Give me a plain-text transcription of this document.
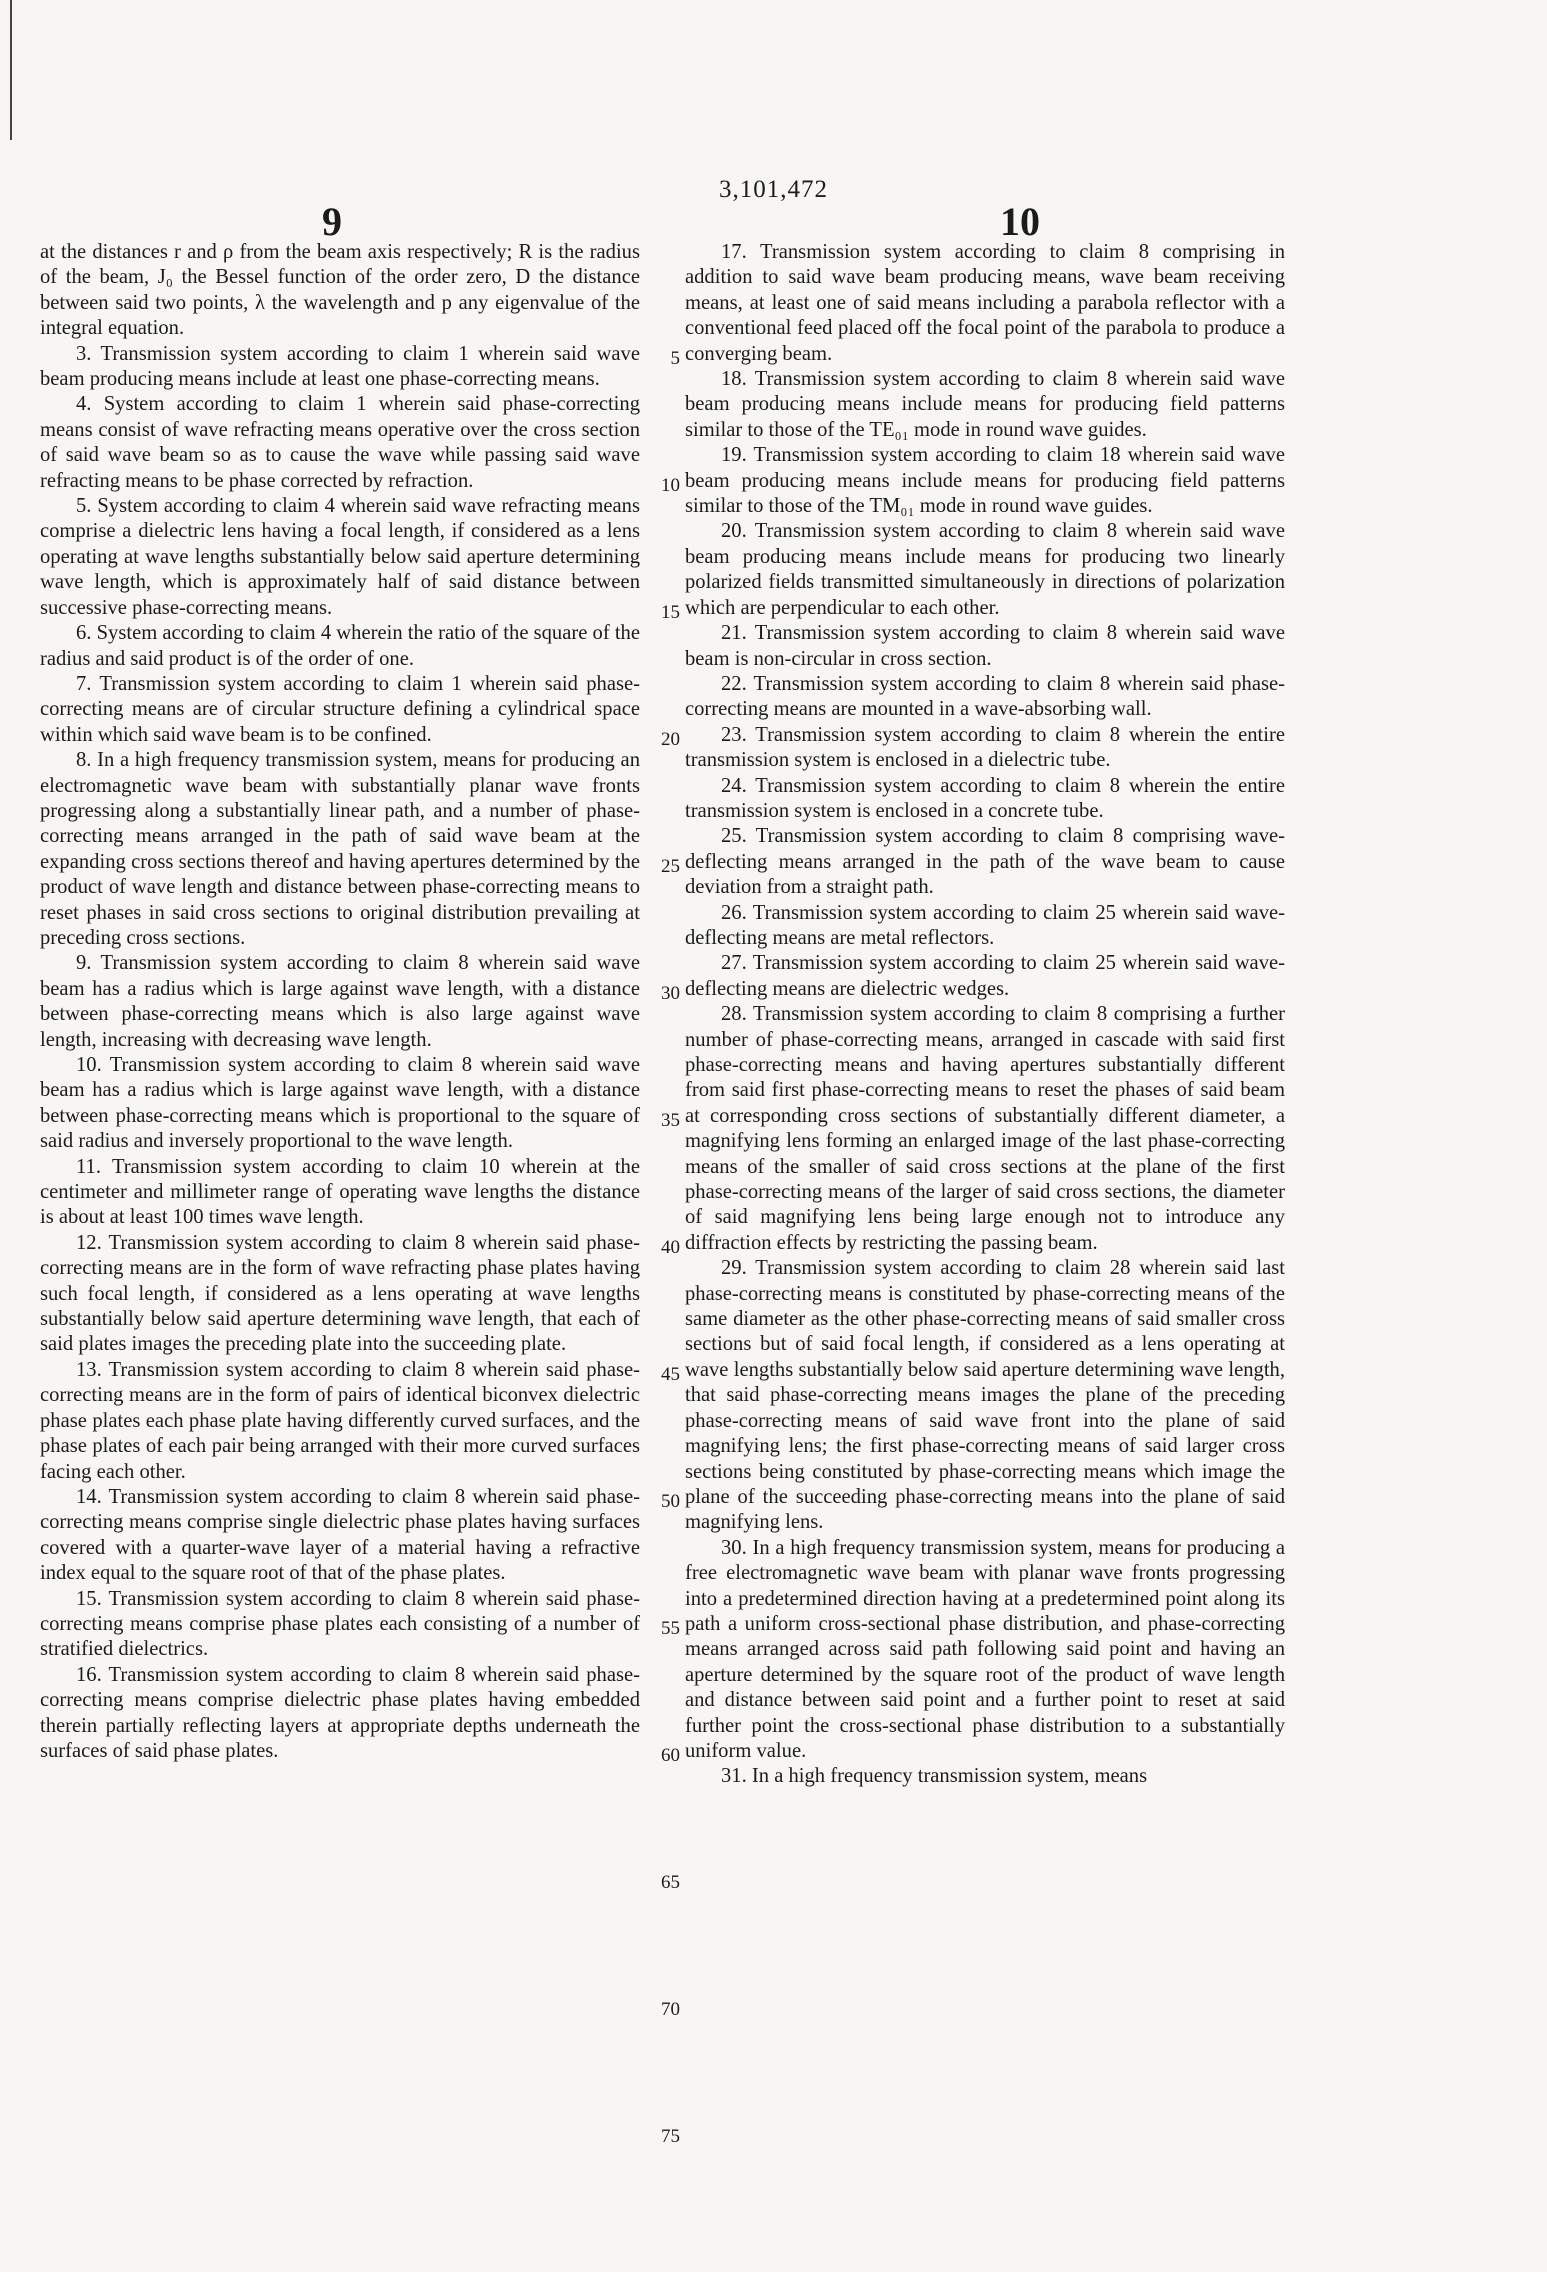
3,101,472
9	10

at the distances r and ρ from the beam axis respectively; R is the radius of the beam, J₀ the Bessel function of the order zero, D the distance between said two points, λ the wavelength and p any eigenvalue of the integral equation.

3. Transmission system according to claim 1 wherein said wave beam producing means include at least one phase-correcting means.

4. System according to claim 1 wherein said phase-correcting means consist of wave refracting means operative over the cross section of said wave beam so as to cause the wave while passing said wave refracting means to be phase corrected by refraction.

5. System according to claim 4 wherein said wave refracting means comprise a dielectric lens having a focal length, if considered as a lens operating at wave lengths substantially below said aperture determining wave length, which is approximately half of said distance between successive phase-correcting means.

6. System according to claim 4 wherein the ratio of the square of the radius and said product is of the order of one.

7. Transmission system according to claim 1 wherein said phase-correcting means are of circular structure defining a cylindrical space within which said wave beam is to be confined.

8. In a high frequency transmission system, means for producing an electromagnetic wave beam with substantially planar wave fronts progressing along a substantially linear path, and a number of phase-correcting means arranged in the path of said wave beam at the expanding cross sections thereof and having apertures determined by the product of wave length and distance between phase-correcting means to reset phases in said cross sections to original distribution prevailing at preceding cross sections.

9. Transmission system according to claim 8 wherein said wave beam has a radius which is large against wave length, with a distance between phase-correcting means which is also large against wave length, increasing with decreasing wave length.

10. Transmission system according to claim 8 wherein said wave beam has a radius which is large against wave length, with a distance between phase-correcting means which is proportional to the square of said radius and inversely proportional to the wave length.

11. Transmission system according to claim 10 wherein at the centimeter and millimeter range of operating wave lengths the distance is about at least 100 times wave length.

12. Transmission system according to claim 8 wherein said phase-correcting means are in the form of wave refracting phase plates having such focal length, if considered as a lens operating at wave lengths substantially below said aperture determining wave length, that each of said plates images the preceding plate into the succeeding plate.

13. Transmission system according to claim 8 wherein said phase-correcting means are in the form of pairs of identical biconvex dielectric phase plates each phase plate having differently curved surfaces, and the phase plates of each pair being arranged with their more curved surfaces facing each other.

14. Transmission system according to claim 8 wherein said phase-correcting means comprise single dielectric phase plates having surfaces covered with a quarter-wave layer of a material having a refractive index equal to the square root of that of the phase plates.

15. Transmission system according to claim 8 wherein said phase-correcting means comprise phase plates each consisting of a number of stratified dielectrics.

16. Transmission system according to claim 8 wherein said phase-correcting means comprise dielectric phase plates having embedded therein partially reflecting layers at appropriate depths underneath the surfaces of said phase plates.

5
10
15
20
25
30
35
40
45
50
55
60
65
70
75

17. Transmission system according to claim 8 comprising in addition to said wave beam producing means, wave beam receiving means, at least one of said means including a parabola reflector with a conventional feed placed off the focal point of the parabola to produce a converging beam.

18. Transmission system according to claim 8 wherein said wave beam producing means include means for producing field patterns similar to those of the TE₀₁ mode in round wave guides.

19. Transmission system according to claim 18 wherein said wave beam producing means include means for producing field patterns similar to those of the TM₀₁ mode in round wave guides.

20. Transmission system according to claim 8 wherein said wave beam producing means include means for producing two linearly polarized fields transmitted simultaneously in directions of polarization which are perpendicular to each other.

21. Transmission system according to claim 8 wherein said wave beam is non-circular in cross section.

22. Transmission system according to claim 8 wherein said phase-correcting means are mounted in a wave-absorbing wall.

23. Transmission system according to claim 8 wherein the entire transmission system is enclosed in a dielectric tube.

24. Transmission system according to claim 8 wherein the entire transmission system is enclosed in a concrete tube.

25. Transmission system according to claim 8 comprising wave-deflecting means arranged in the path of the wave beam to cause deviation from a straight path.

26. Transmission system according to claim 25 wherein said wave-deflecting means are metal reflectors.

27. Transmission system according to claim 25 wherein said wave-deflecting means are dielectric wedges.

28. Transmission system according to claim 8 comprising a further number of phase-correcting means, arranged in cascade with said first phase-correcting means and having apertures substantially different from said first phase-correcting means to reset the phases of said beam at corresponding cross sections of substantially different diameter, a magnifying lens forming an enlarged image of the last phase-correcting means of the smaller of said cross sections at the plane of the first phase-correcting means of the larger of said cross sections, the diameter of said magnifying lens being large enough not to introduce any diffraction effects by restricting the passing beam.

29. Transmission system according to claim 28 wherein said last phase-correcting means is constituted by phase-correcting means of the same diameter as the other phase-correcting means of said smaller cross sections but of said focal length, if considered as a lens operating at wave lengths substantially below said aperture determining wave length, that said phase-correcting means images the plane of the preceding phase-correcting means of said wave front into the plane of said magnifying lens; the first phase-correcting means of said larger cross sections being constituted by phase-correcting means which image the plane of the succeeding phase-correcting means into the plane of said magnifying lens.

30. In a high frequency transmission system, means for producing a free electromagnetic wave beam with planar wave fronts progressing into a predetermined direction having at a predetermined point along its path a uniform cross-sectional phase distribution, and phase-correcting means arranged across said path following said point and having an aperture determined by the square root of the product of wave length and distance between said point and a further point to reset at said further point the cross-sectional phase distribution to a substantially uniform value.

31. In a high frequency transmission system, means
